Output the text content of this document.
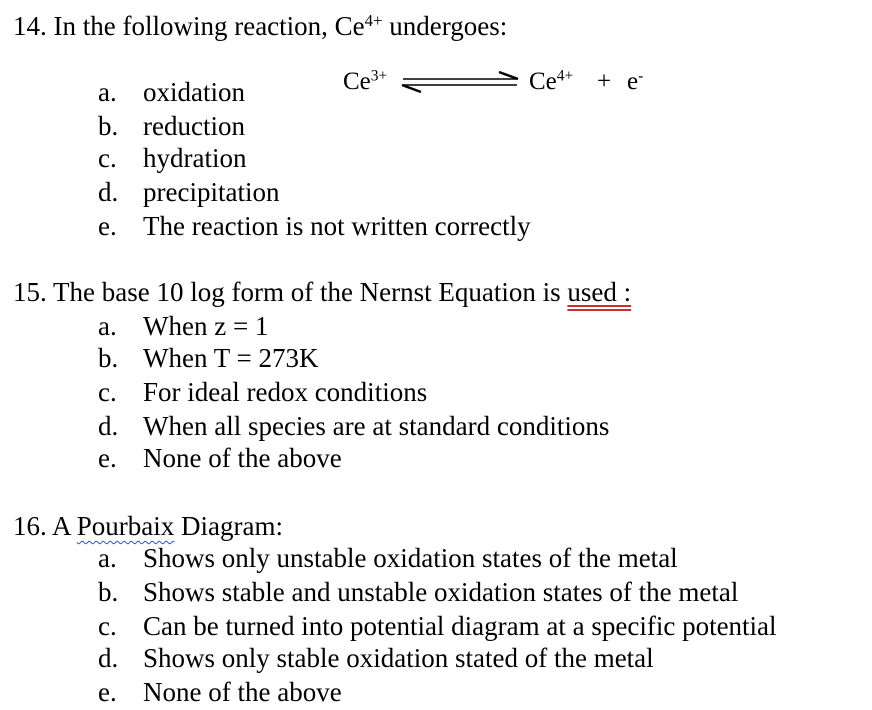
14. In the following reaction, $Ce^{4+}$ undergoes:
$Ce^{3+}$	$Ce^{4+} + e^-$
a. oxidation
b. reduction
c. hydration
d. precipitation
e. The reaction is not written correctly
15. The base 10 log form of the Nernst Equation is used :
a. When z = 1
b. When T = 273K
c. For ideal redox conditions
d. When all species are at standard conditions
e. None of the above
16. A Pourbaix Diagram:
a. Shows only unstable oxidation states of the metal
b. Shows stable and unstable oxidation states of the metal
c. Can be turned into potential diagram at a specific potential
d. Shows only stable oxidation stated of the metal
e. None of the above
